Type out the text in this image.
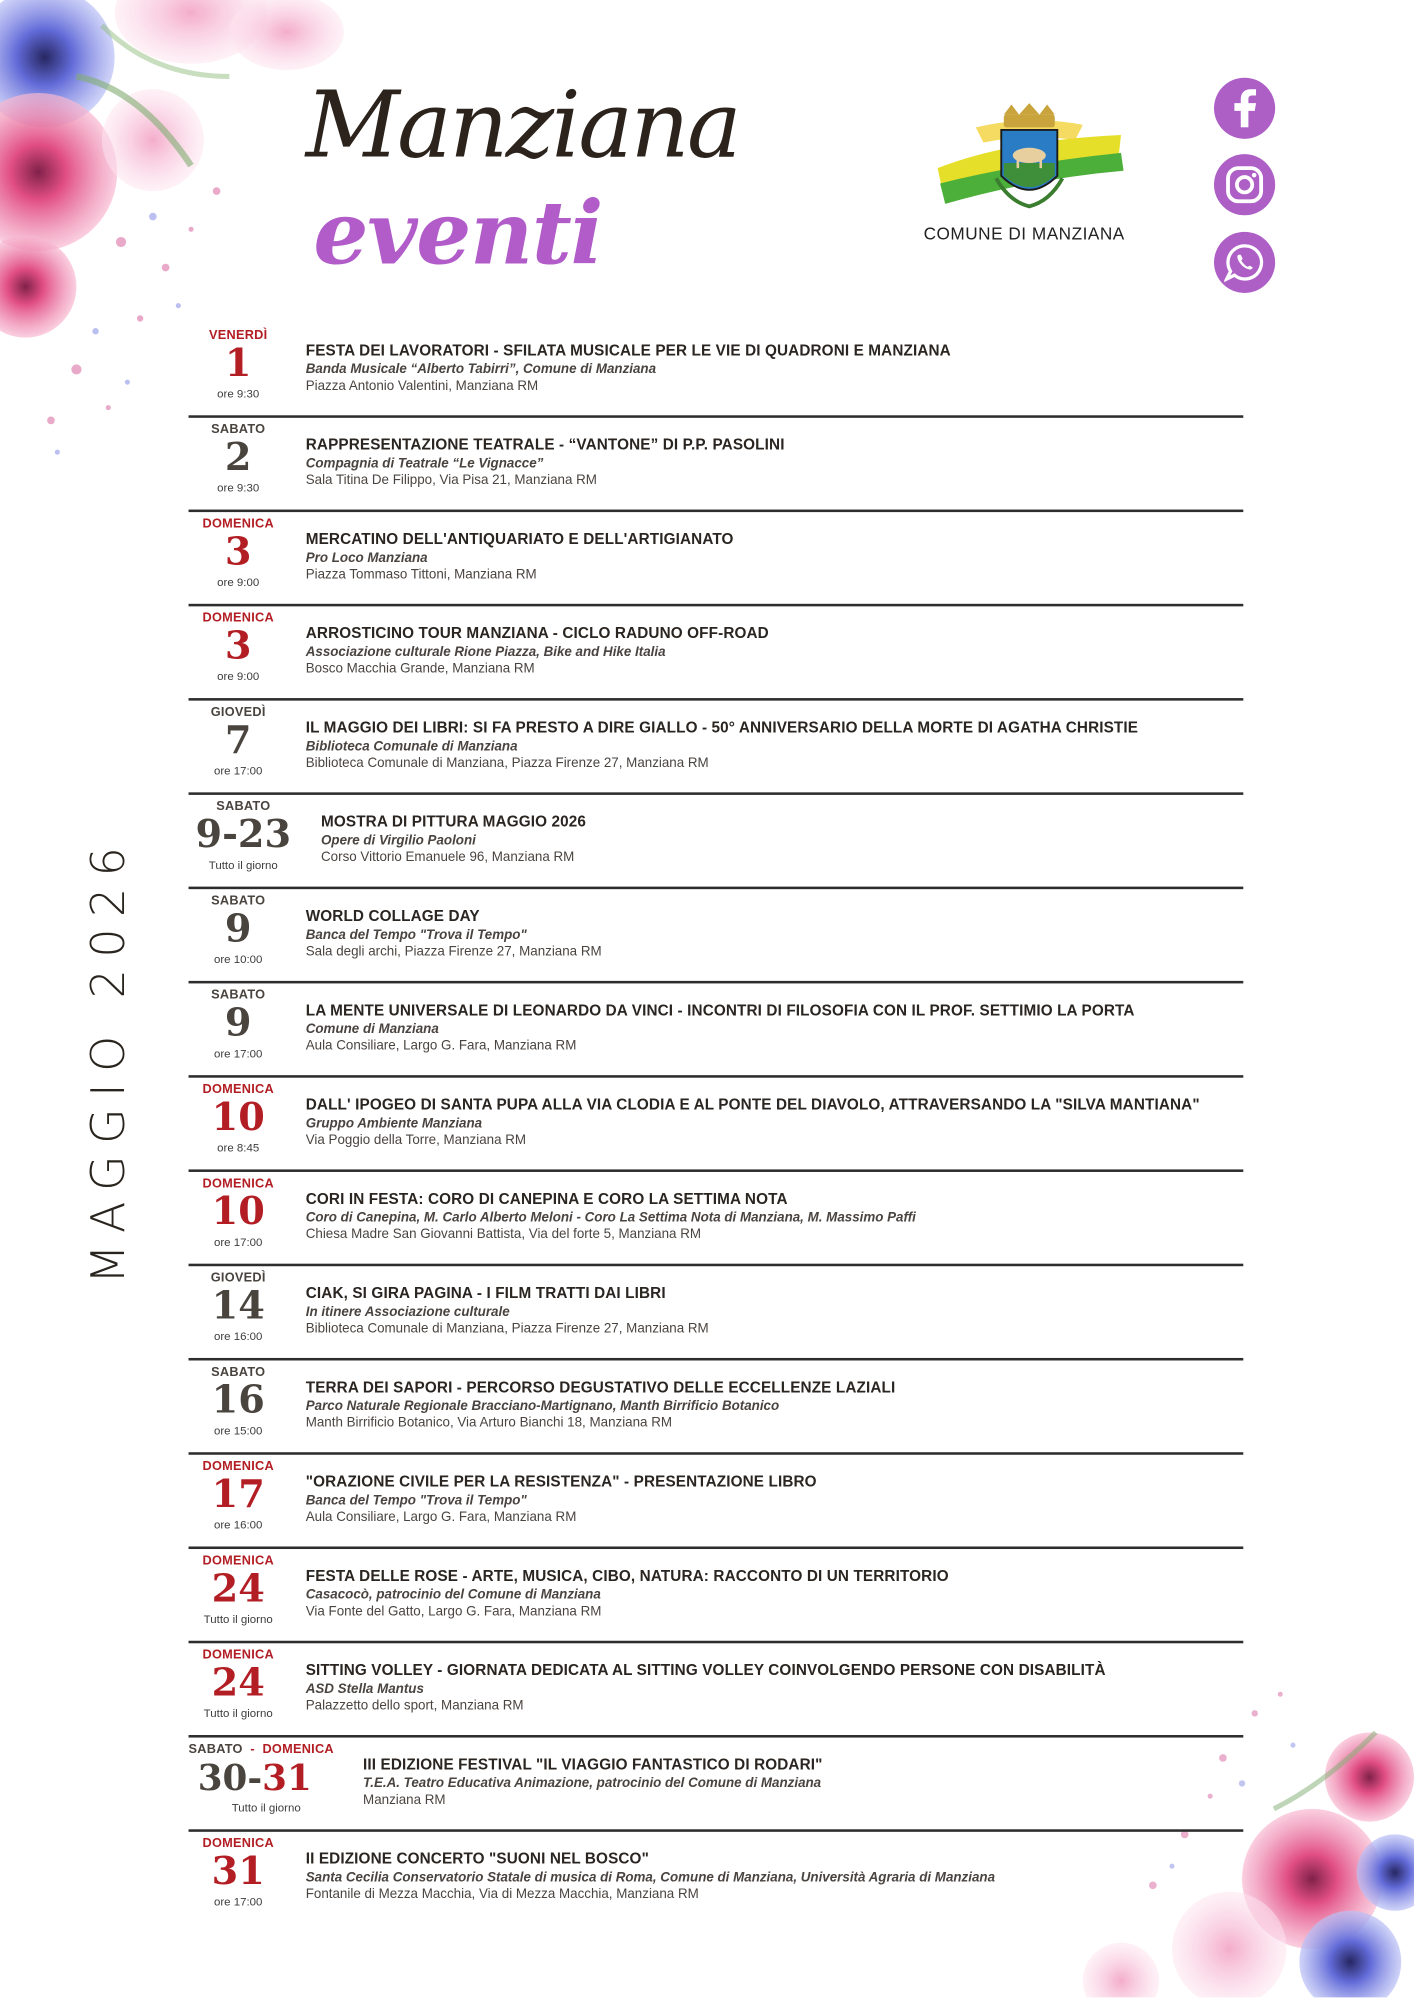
Manziana
eventi	COMUNE DI MANZIANA
MAGGIO 2026
VENERDÌ
1
ore 9:30
FESTA DEI LAVORATORI - SFILATA MUSICALE PER LE VIE DI QUADRONI E MANZIANA
Banda Musicale “Alberto Tabirri”, Comune di Manziana
Piazza Antonio Valentini, Manziana RM
SABATO
2
ore 9:30
RAPPRESENTAZIONE TEATRALE - “VANTONE” DI P.P. PASOLINI
Compagnia di Teatrale “Le Vignacce”
Sala Titina De Filippo, Via Pisa 21, Manziana RM
DOMENICA
3
ore 9:00
MERCATINO DELL'ANTIQUARIATO E DELL'ARTIGIANATO
Pro Loco Manziana
Piazza Tommaso Tittoni, Manziana RM
DOMENICA
3
ore 9:00
ARROSTICINO TOUR MANZIANA - CICLO RADUNO OFF-ROAD
Associazione culturale Rione Piazza, Bike and Hike Italia
Bosco Macchia Grande, Manziana RM
GIOVEDÌ
7
ore 17:00
IL MAGGIO DEI LIBRI: SI FA PRESTO A DIRE GIALLO - 50° ANNIVERSARIO DELLA MORTE DI AGATHA CHRISTIE
Biblioteca Comunale di Manziana
Biblioteca Comunale di Manziana, Piazza Firenze 27, Manziana RM
SABATO
9-23
Tutto il giorno
MOSTRA DI PITTURA MAGGIO 2026
Opere di Virgilio Paoloni
Corso Vittorio Emanuele 96, Manziana RM
SABATO
9
ore 10:00
WORLD COLLAGE DAY
Banca del Tempo "Trova il Tempo"
Sala degli archi, Piazza Firenze 27, Manziana RM
SABATO
9
ore 17:00
LA MENTE UNIVERSALE DI LEONARDO DA VINCI - INCONTRI DI FILOSOFIA CON IL PROF. SETTIMIO LA PORTA
Comune di Manziana
Aula Consiliare, Largo G. Fara, Manziana RM
DOMENICA
10
ore 8:45
DALL' IPOGEO DI SANTA PUPA ALLA VIA CLODIA E AL PONTE DEL DIAVOLO, ATTRAVERSANDO LA "SILVA MANTIANA"
Gruppo Ambiente Manziana
Via Poggio della Torre, Manziana RM
DOMENICA
10
ore 17:00
CORI IN FESTA: CORO DI CANEPINA E CORO LA SETTIMA NOTA
Coro di Canepina, M. Carlo Alberto Meloni - Coro La Settima Nota di Manziana, M. Massimo Paffi
Chiesa Madre San Giovanni Battista, Via del forte 5, Manziana RM
GIOVEDÌ
14
ore 16:00
CIAK, SI GIRA PAGINA - I FILM TRATTI DAI LIBRI
In itinere Associazione culturale
Biblioteca Comunale di Manziana, Piazza Firenze 27, Manziana RM
SABATO
16
ore 15:00
TERRA DEI SAPORI - PERCORSO DEGUSTATIVO DELLE ECCELLENZE LAZIALI
Parco Naturale Regionale Bracciano-Martignano, Manth Birrificio Botanico
Manth Birrificio Botanico, Via Arturo Bianchi 18, Manziana RM
DOMENICA
17
ore 16:00
"ORAZIONE CIVILE PER LA RESISTENZA" - PRESENTAZIONE LIBRO
Banca del Tempo "Trova il Tempo"
Aula Consiliare, Largo G. Fara, Manziana RM
DOMENICA
24
Tutto il giorno
FESTA DELLE ROSE - ARTE, MUSICA, CIBO, NATURA: RACCONTO DI UN TERRITORIO
Casacocò, patrocinio del Comune di Manziana
Via Fonte del Gatto, Largo G. Fara, Manziana RM
DOMENICA
24
Tutto il giorno
SITTING VOLLEY - GIORNATA DEDICATA AL SITTING VOLLEY COINVOLGENDO PERSONE CON DISABILITÀ
ASD Stella Mantus
Palazzetto dello sport, Manziana RM
SABATO - DOMENICA
30-31
Tutto il giorno
III EDIZIONE FESTIVAL "IL VIAGGIO FANTASTICO DI RODARI"
T.E.A. Teatro Educativa Animazione, patrocinio del Comune di Manziana
Manziana RM
DOMENICA
31
ore 17:00
II EDIZIONE CONCERTO "SUONI NEL BOSCO"
Santa Cecilia Conservatorio Statale di musica di Roma, Comune di Manziana, Università Agraria di Manziana
Fontanile di Mezza Macchia, Via di Mezza Macchia, Manziana RM
